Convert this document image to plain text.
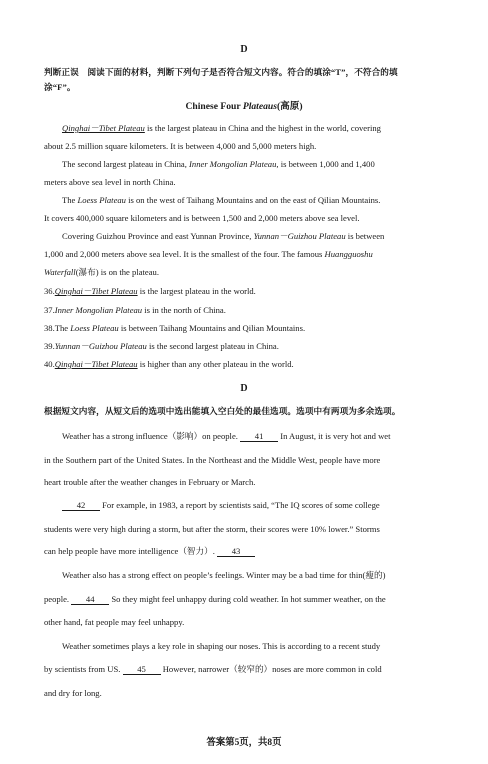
D
判断正误　阅读下面的材料，判断下列句子是否符合短文内容。符合的填涂“T”，不符合的填
涂“F”。
Chinese Four Plateaus(高原)
Qinghai－Tibet Plateau is the largest plateau in China and the highest in the world, covering
about 2.5 million square kilometers. It is between 4,000 and 5,000 meters high.
The second largest plateau in China, Inner Mongolian Plateau, is between 1,000 and 1,400
meters above sea level in north China.
The Loess Plateau is on the west of Taihang Mountains and on the east of Qilian Mountains.
It covers 400,000 square kilometers and is between 1,500 and 2,000 meters above sea level.
Covering Guizhou Province and east Yunnan Province, Yunnan－Guizhou Plateau is between
1,000 and 2,000 meters above sea level. It is the smallest of the four. The famous Huangguoshu
Waterfall(瀑布) is on the plateau.
36.Qinghai－Tibet Plateau is the largest plateau in the world.
37.Inner Mongolian Plateau is in the north of China.
38.The Loess Plateau is between Taihang Mountains and Qilian Mountains.
39.Yunnan－Guizhou Plateau is the second largest plateau in China.
40.Qinghai－Tibet Plateau is higher than any other plateau in the world.
D
根据短文内容，从短文后的选项中选出能填入空白处的最佳选项。选项中有两项为多余选项。
Weather has a strong influence（影响）on people. 41 In August, it is very hot and wet
in the Southern part of the United States. In the Northeast and the Middle West, people have more
heart trouble after the weather changes in February or March.
42 For example, in 1983, a report by scientists said, “The IQ scores of some college
students were very high during a storm, but after the storm, their scores were 10% lower.” Storms
can help people have more intelligence（智力）. 43
Weather also has a strong effect on people’s feelings. Winter may be a bad time for thin(瘦的)
people. 44 So they might feel unhappy during cold weather. In hot summer weather, on the
other hand, fat people may feel unhappy.
Weather sometimes plays a key role in shaping our noses. This is according to a recent study
by scientists from US. 45 However, narrower（较窄的）noses are more common in cold
and dry for long.
答案第5页，共8页
